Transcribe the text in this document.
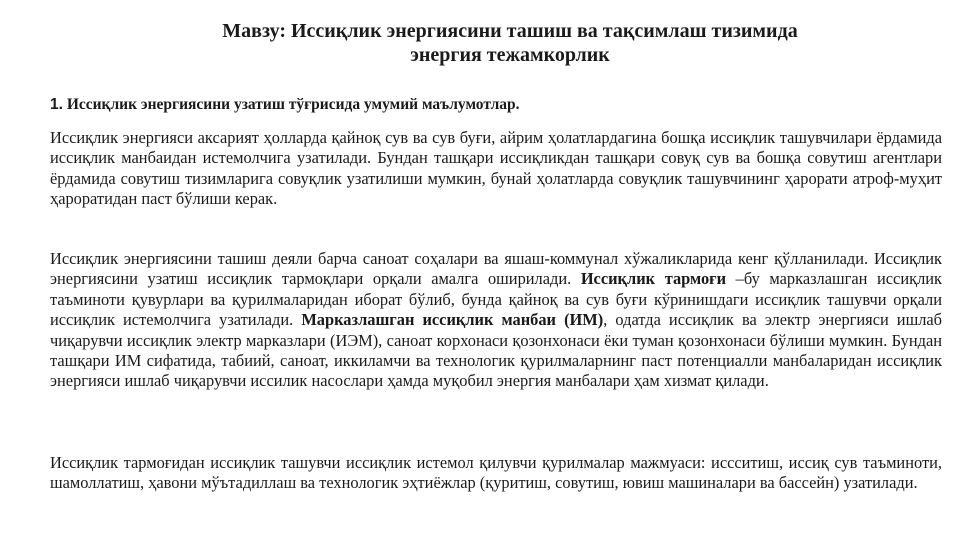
Мавзу: Иссиқлик энергиясини ташиш ва тақсимлаш тизимида
энергия тежамкорлик
1. Иссиқлик энергиясини узатиш тўғрисида умумий маълумотлар.

Иссиқлик энергияси аксарият ҳолларда қайноқ сув ва сув буғи, айрим ҳолатлардагина бошқа иссиқлик ташувчилари ёрдамида иссиқлик манбаидан истемолчига узатилади. Бундан ташқари иссиқликдан ташқари совуқ сув ва бошқа совутиш агентлари ёрдамида совутиш тизимларига совуқлик узатилиши мумкин, бунай ҳолатларда совуқлик ташувчининг ҳарорати атроф-муҳит ҳароратидан паст бўлиши керак.

Иссиқлик энергиясини ташиш деяли барча саноат соҳалари ва яшаш-коммунал хўжаликларида кенг қўлланилади. Иссиқлик энергиясини узатиш иссиқлик тармоқлари орқали амалга оширилади. Иссиқлик тармоғи –бу марказлашган иссиқлик таъминоти қувурлари ва қурилмаларидан иборат бўлиб, бунда қайноқ ва сув буғи кўринишдаги иссиқлик ташувчи орқали иссиқлик истемолчига узатилади. Марказлашган иссиқлик манбаи (ИМ), одатда иссиқлик ва электр энергияси ишлаб чиқарувчи иссиқлик электр марказлари (ИЭМ), саноат корхонаси қозонхонаси ёки туман қозонхонаси бўлиши мумкин. Бундан ташқари ИМ сифатида, табиий, саноат, иккиламчи ва технологик қурилмаларнинг паст потенциалли манбаларидан иссиқлик энергияси ишлаб чиқарувчи иссилик насослари ҳамда муқобил энергия манбалари ҳам хизмат қилади.

Иссиқлик тармоғидан иссиқлик ташувчи иссиқлик истемол қилувчи қурилмалар мажмуаси: иссситиш, иссиқ сув таъминоти, шамоллатиш, ҳавони мўътадиллаш ва технологик эҳтиёжлар (қуритиш, совутиш, ювиш машиналари ва бассейн) узатилади.
